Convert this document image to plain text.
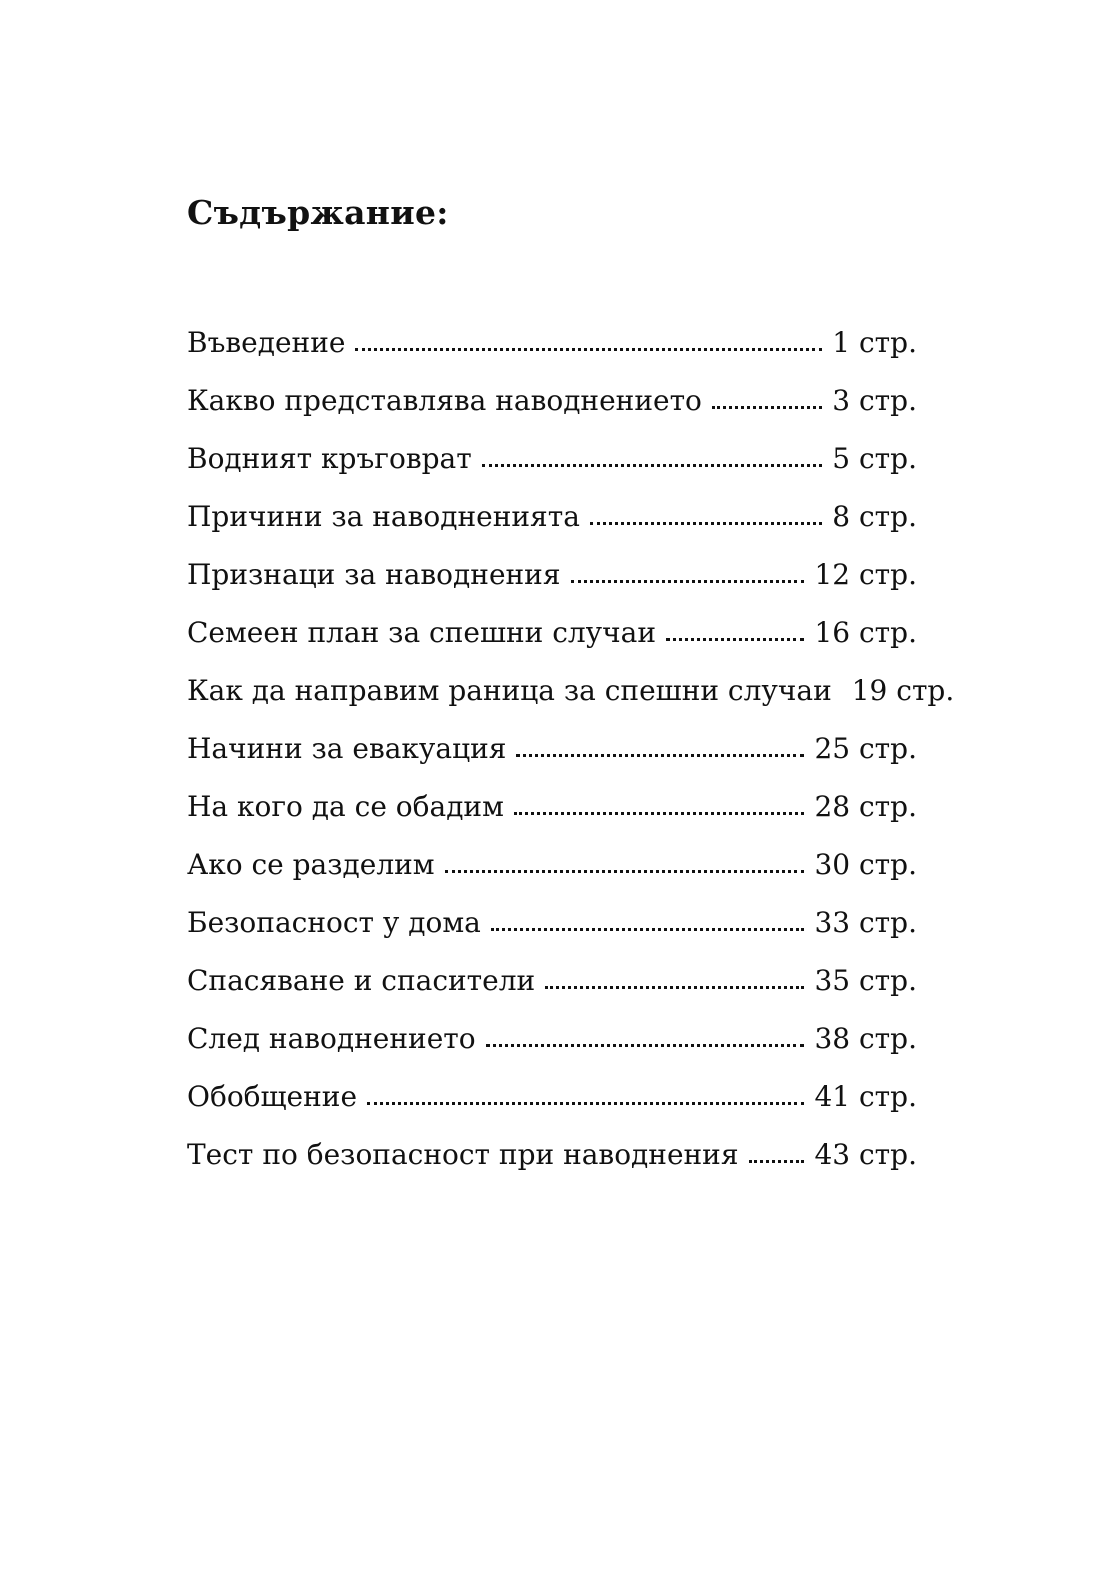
Съдържание:
Въведение	1 стр.
Какво представлява наводнението	3 стр.
Водният кръговрат	5 стр.
Причини за наводненията	8 стр.
Признаци за наводнения	12 стр.
Семеен план за спешни случаи	16 стр.
Как да направим раница за спешни случаи 19 стр.
Начини за евакуация	25 стр.
На кого да се обадим	28 стр.
Ако се разделим	30 стр.
Безопасност у дома	33 стр.
Спасяване и спасители	35 стр.
След наводнението	38 стр.
Обобщение	41 стр.
Тест по безопасност при наводнения	43 стр.
